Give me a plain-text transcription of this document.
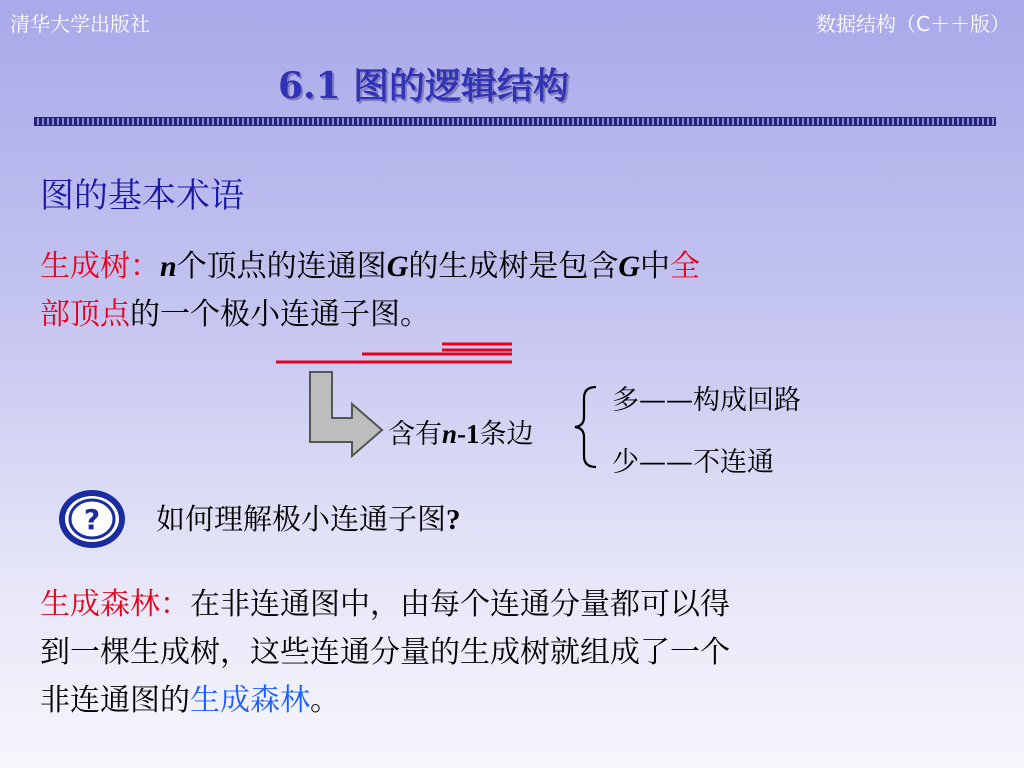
清华大学出版社	数据结构（C＋＋版）
6.1 图的逻辑结构
图的基本术语
生成树：n个顶点的连通图G的生成树是包含G中全
部顶点的一个极小连通子图。
含有n-1条边
多——构成回路
少——不连通
? 如何理解极小连通子图?
生成森林：在非连通图中，由每个连通分量都可以得
到一棵生成树，这些连通分量的生成树就组成了一个
非连通图的生成森林。
